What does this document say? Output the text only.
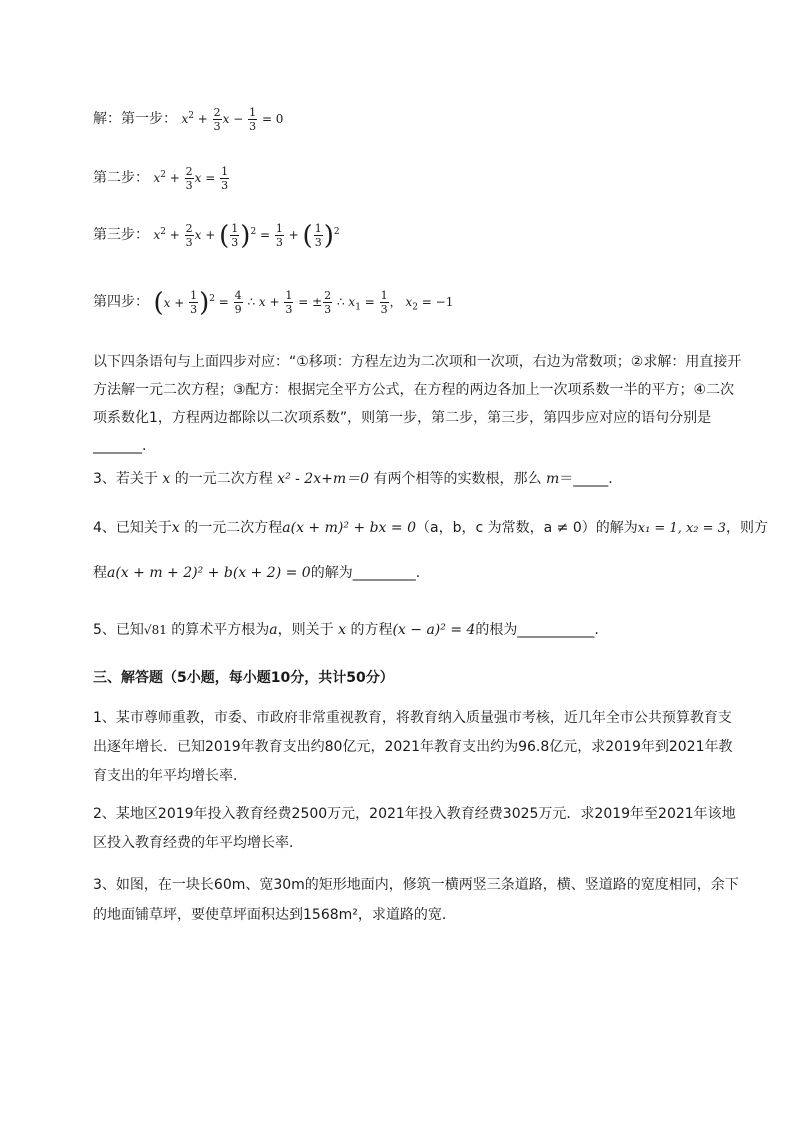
解：第一步： $x^2 + \frac{2}{3}$ $x - \frac{1}{3} = 0$
第二步： $x^2 + \frac{2}{3}$ $x = \frac{1}{3}$
第三步： $x^2 + \frac{2}{3}$ x + ( $\frac{1}{3}$ ) $^2 = \frac{1}{3}$ + ( $\frac{1}{3}$ ) $^2$
第四步： ( $x + \frac{1}{3}$ ) $^2 = \frac{4}{9}$ ∴ $x + \frac{1}{3}$ = ± $\frac{2}{3}$ ∴ $x_1 = \frac{1}{3}$ ， $x_2 = -1$
以下四条语句与上面四步对应：“①移项：方程左边为二次项和一次项，右边为常数项；②求解：用直接开方法解一元二次方程；③配方：根据完全平方公式，在方程的两边各加上一次项系数一半的平方；④二次项系数化1，方程两边都除以二次项系数”，则第一步，第二步，第三步，第四步应对应的语句分别是_______.
3、若关于 x 的一元二次方程 x² - 2x+m＝0 有两个相等的实数根，那么 m＝_____.
4、已知关于x 的一元二次方程a(x + m)² + bx = 0（a，b，c 为常数，a ≠ 0）的解为x₁ = 1, x₂ = 3，则方
程a(x + m + 2)² + b(x + 2) = 0的解为_________.
5、已知√81 的算术平方根为a，则关于 x 的方程(x − a)² = 4的根为___________.
三、解答题（5小题，每小题10分，共计50分）
1、某市尊师重教，市委、市政府非常重视教育，将教育纳入质量强市考核，近几年全市公共预算教育支出逐年增长．已知2019年教育支出约80亿元，2021年教育支出约为96.8亿元，求2019年到2021年教育支出的年平均增长率．
2、某地区2019年投入教育经费2500万元，2021年投入教育经费3025万元．求2019年至2021年该地区投入教育经费的年平均增长率．
3、如图，在一块长60m、宽30m的矩形地面内，修筑一横两竖三条道路，横、竖道路的宽度相同，余下的地面铺草坪，要使草坪面积达到1568m²，求道路的宽．
